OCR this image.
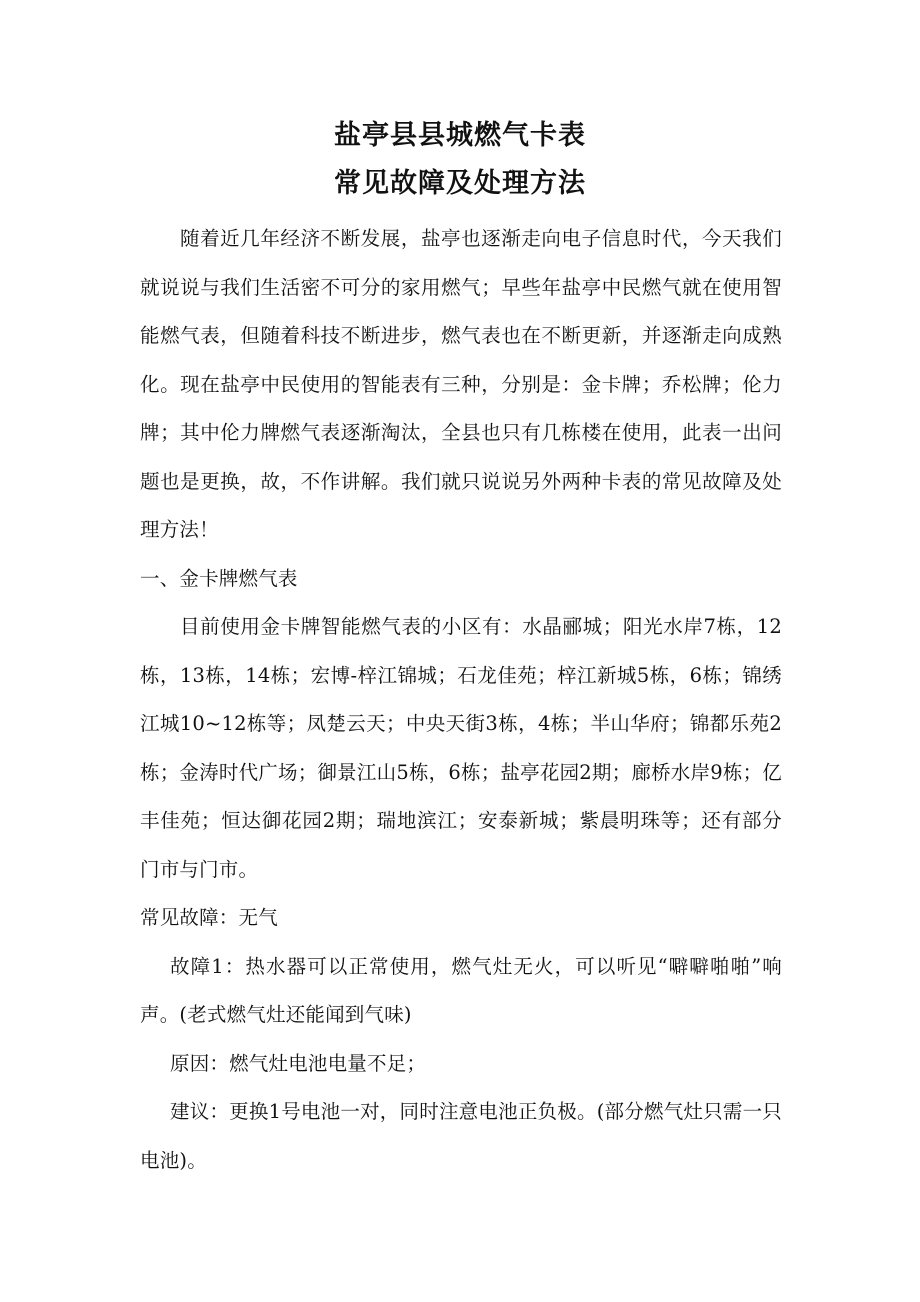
盐亭县县城燃气卡表
常见故障及处理方法

随着近几年经济不断发展，盐亭也逐渐走向电子信息时代，今天我们就说说与我们生活密不可分的家用燃气；早些年盐亭中民燃气就在使用智能燃气表，但随着科技不断进步，燃气表也在不断更新，并逐渐走向成熟化。现在盐亭中民使用的智能表有三种，分别是：金卡牌；乔松牌；伦力牌；其中伦力牌燃气表逐渐淘汰，全县也只有几栋楼在使用，此表一出问题也是更换，故，不作讲解。我们就只说说另外两种卡表的常见故障及处理方法！

一、金卡牌燃气表

目前使用金卡牌智能燃气表的小区有：水晶郦城；阳光水岸7栋，12栋，13栋，14栋；宏博-梓江锦城；石龙佳苑；梓江新城5栋，6栋；锦绣江城10~12栋等；凤楚云天；中央天街3栋，4栋；半山华府；锦都乐苑2栋；金涛时代广场；御景江山5栋，6栋；盐亭花园2期；廊桥水岸9栋；亿丰佳苑；恒达御花园2期；瑞地滨江；安泰新城；紫晨明珠等；还有部分门市与门市。

常见故障：无气

故障1：热水器可以正常使用，燃气灶无火，可以听见“噼噼啪啪”响声。(老式燃气灶还能闻到气味)

原因：燃气灶电池电量不足；

建议：更换1号电池一对，同时注意电池正负极。(部分燃气灶只需一只电池)。
